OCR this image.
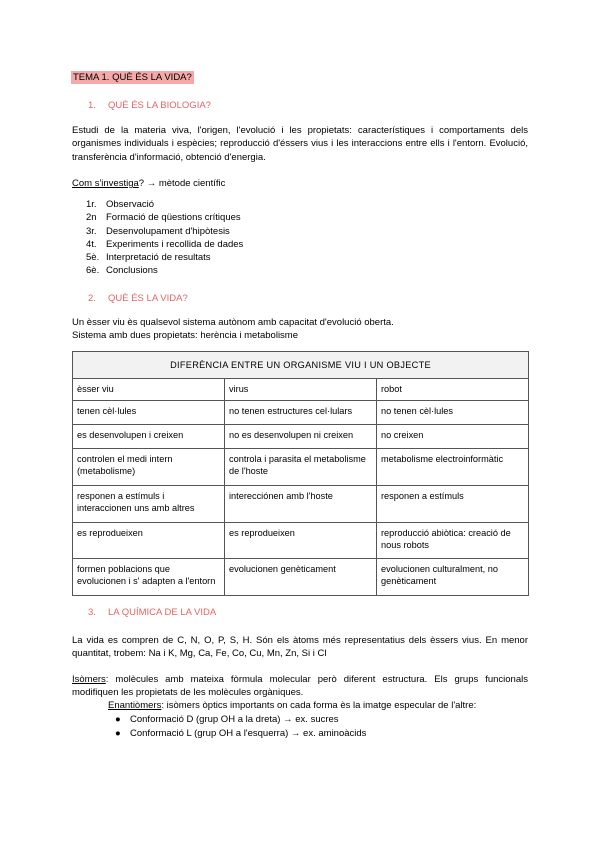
TEMA 1. QUÈ ÉS LA VIDA?
1. QUÈ ÉS LA BIOLOGIA?
Estudi de la materia viva, l'origen, l'evolució i les propietats: característiques i comportaments dels organismes individuals i espècies; reproducció d'éssers vius i les interaccions entre ells i l'entorn. Evolució, transferència d'informació, obtenció d'energia.
Com s'investiga? → mètode científic
1r. Observació
2n Formació de qüestions crítiques
3r. Desenvolupament d'hipòtesis
4t. Experiments i recollida de dades
5è. Interpretació de resultats
6è. Conclusions
2. QUÈ ÉS LA VIDA?
Un èsser viu ès qualsevol sistema autònom amb capacitat d'evolució oberta.
Sistema amb dues propietats: herència i metabolisme
DIFERÈNCIA ENTRE UN ORGANISME VIU I UN OBJECTE		
èsser viu	virus	robot
tenen cèl·lules	no tenen estructures cel·lulars	no tenen cèl·lules
es desenvolupen i creixen	no es desenvolupen ni creixen	no creixen
controlen el medi intern (metabolisme)	controla i parasita el metabolisme de l'hoste	metabolisme electroinformàtic
responen a estímuls i interaccionen uns amb altres	interecciónen amb l'hoste	responen a estímuls
es reprodueixen	es reprodueixen	reproducció abiòtica: creació de nous robots
formen poblacions que evolucionen i s' adapten a l'entorn	evolucionen genèticament	evolucionen culturalment, no genèticament
3. LA QUÍMICA DE LA VIDA
La vida es compren de C, N, O, P, S, H. Són els àtoms més representatius dels èssers vius. En menor quantitat, trobem: Na i K, Mg, Ca, Fe, Co, Cu, Mn, Zn, Si i Cl
Isòmers: molècules amb mateixa fòrmula molecular però diferent estructura. Els grups funcionals modifiquen les propietats de les molècules orgàniques.
Enantiòmers: isòmers òptics importants on cada forma ès la imatge especular de l'altre:
● Conformació D (grup OH a la dreta) → ex. sucres
● Conformació L (grup OH a l'esquerra) → ex. aminoàcids
